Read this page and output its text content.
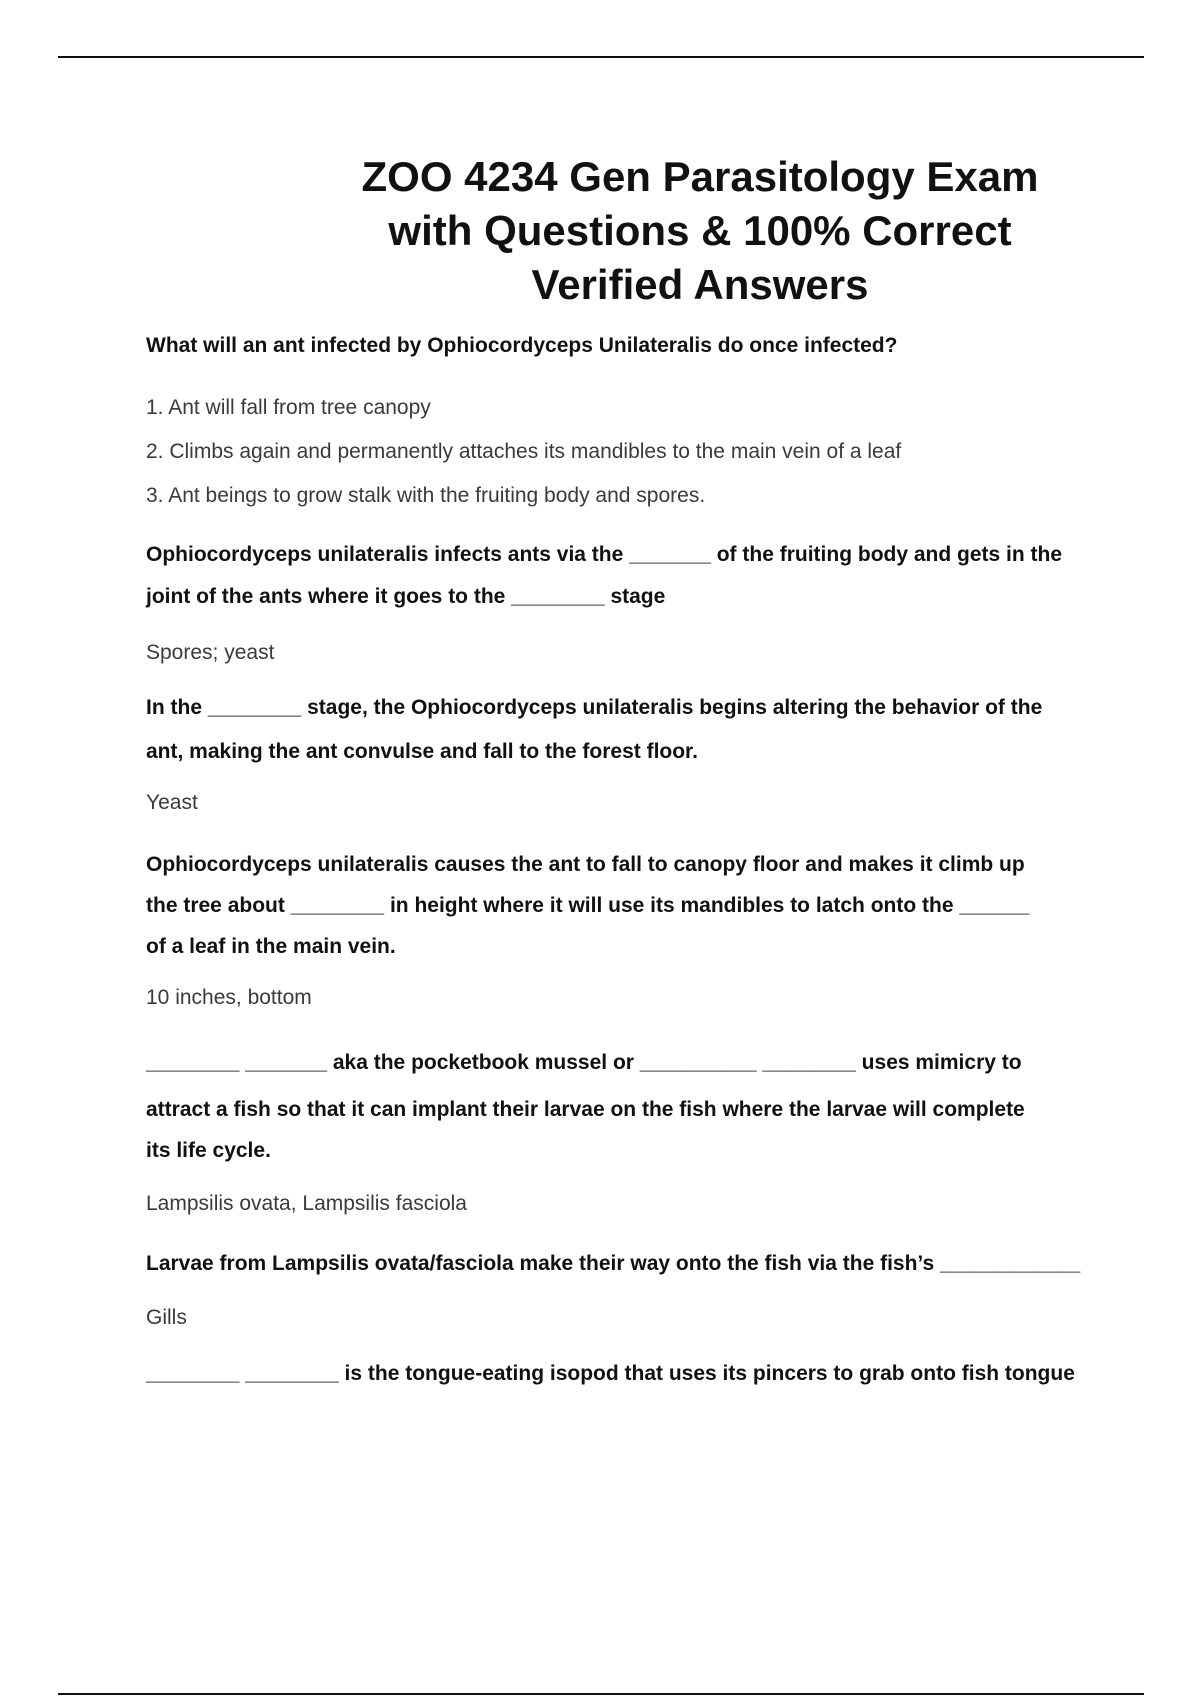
ZOO 4234 Gen Parasitology Exam
with Questions & 100% Correct
Verified Answers

What will an ant infected by Ophiocordyceps Unilateralis do once infected?

1. Ant will fall from tree canopy
2. Climbs again and permanently attaches its mandibles to the main vein of a leaf
3. Ant beings to grow stalk with the fruiting body and spores.

Ophiocordyceps unilateralis infects ants via the _______ of the fruiting body and gets in the
joint of the ants where it goes to the ________ stage

Spores; yeast

In the ________ stage, the Ophiocordyceps unilateralis begins altering the behavior of the
ant, making the ant convulse and fall to the forest floor.

Yeast

Ophiocordyceps unilateralis causes the ant to fall to canopy floor and makes it climb up
the tree about ________ in height where it will use its mandibles to latch onto the ______
of a leaf in the main vein.

10 inches, bottom

________ _______ aka the pocketbook mussel or __________ ________ uses mimicry to
attract a fish so that it can implant their larvae on the fish where the larvae will complete
its life cycle.

Lampsilis ovata, Lampsilis fasciola

Larvae from Lampsilis ovata/fasciola make their way onto the fish via the fish’s ____________

Gills

________ ________ is the tongue-eating isopod that uses its pincers to grab onto fish tongue
